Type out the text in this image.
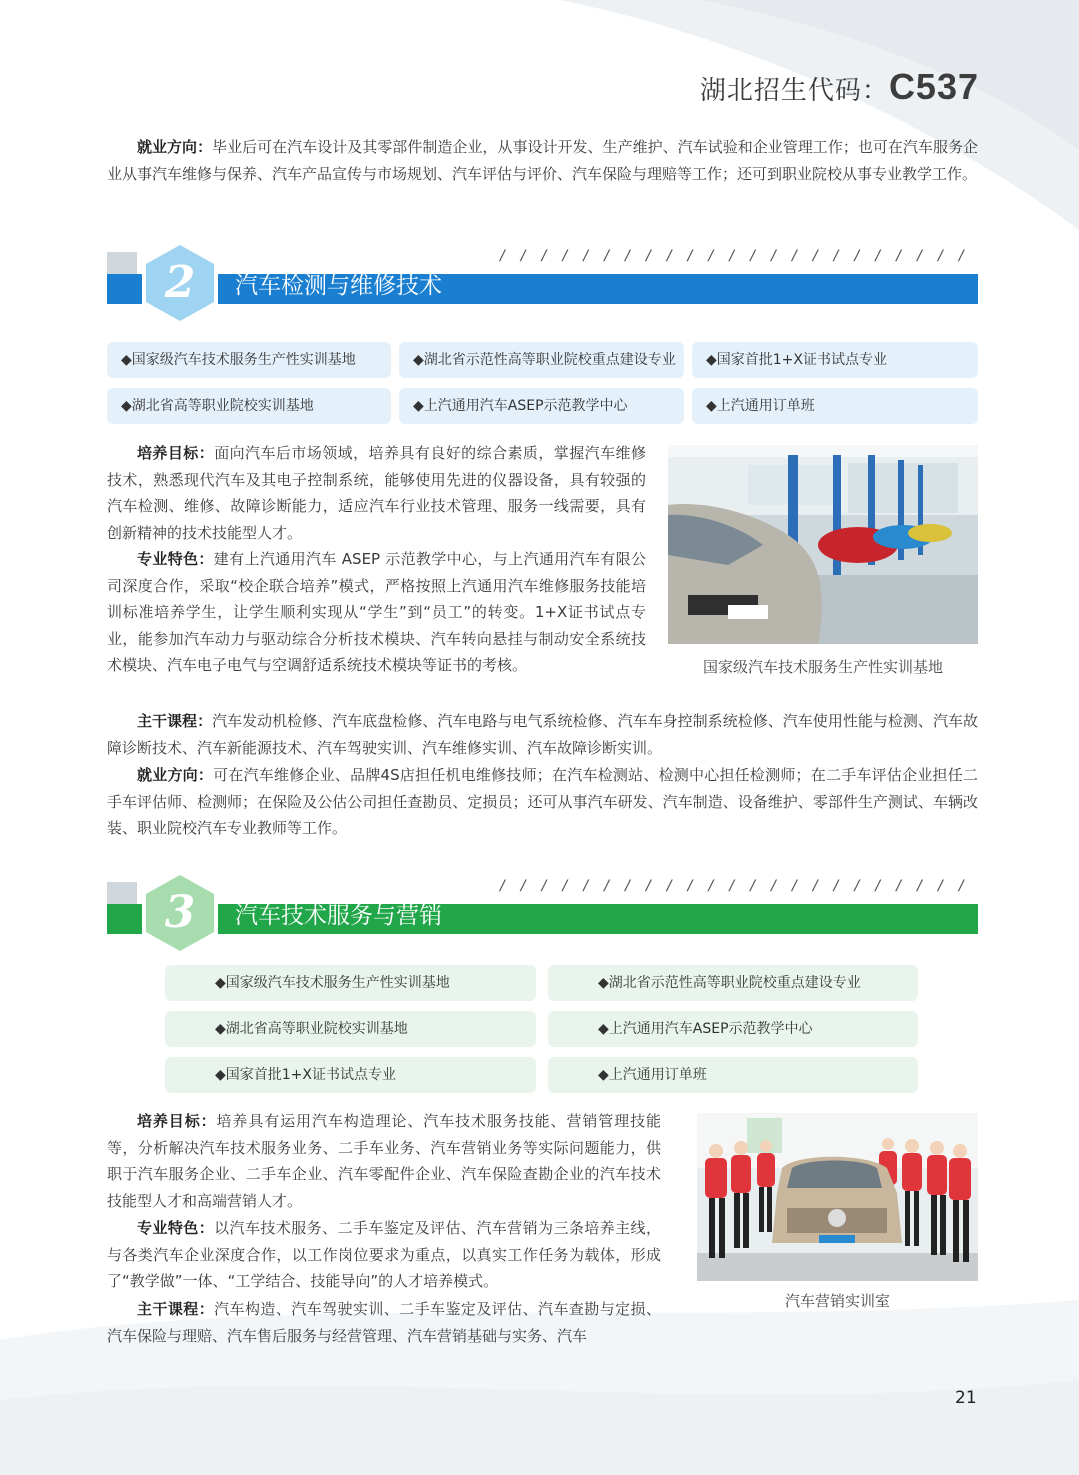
湖北招生代码：C537

就业方向：毕业后可在汽车设计及其零部件制造企业，从事设计开发、生产维护、汽车试验和企业管理工作；也可在汽车服务企业从事汽车维修与保养、汽车产品宣传与市场规划、汽车评估与评价、汽车保险与理赔等工作；还可到职业院校从事专业教学工作。

/ / / / / / / / / / / / / / / / / / / / / / /
汽车检测与维修技术
2
◆国家级汽车技术服务生产性实训基地	◆湖北省示范性高等职业院校重点建设专业	◆国家首批1+X证书试点专业
◆湖北省高等职业院校实训基地	◆上汽通用汽车ASEP示范教学中心	◆上汽通用订单班

培养目标：面向汽车后市场领域，培养具有良好的综合素质，掌握汽车维修技术，熟悉现代汽车及其电子控制系统，能够使用先进的仪器设备，具有较强的汽车检测、维修、故障诊断能力，适应汽车行业技术管理、服务一线需要，具有创新精神的技术技能型人才。

专业特色：建有上汽通用汽车 ASEP 示范教学中心，与上汽通用汽车有限公司深度合作，采取“校企联合培养”模式，严格按照上汽通用汽车维修服务技能培训标准培养学生，让学生顺利实现从“学生”到“员工”的转变。1+X证书试点专业，能参加汽车动力与驱动综合分析技术模块、汽车转向悬挂与制动安全系统技术模块、汽车电子电气与空调舒适系统技术模块等证书的考核。	国家级汽车技术服务生产性实训基地

主干课程：汽车发动机检修、汽车底盘检修、汽车电路与电气系统检修、汽车车身控制系统检修、汽车使用性能与检测、汽车故障诊断技术、汽车新能源技术、汽车驾驶实训、汽车维修实训、汽车故障诊断实训。

就业方向：可在汽车维修企业、品牌4S店担任机电维修技师；在汽车检测站、检测中心担任检测师；在二手车评估企业担任二手车评估师、检测师；在保险及公估公司担任查勘员、定损员；还可从事汽车研发、汽车制造、设备维护、零部件生产测试、车辆改装、职业院校汽车专业教师等工作。

/ / / / / / / / / / / / / / / / / / / / / / /
汽车技术服务与营销
3
◆国家级汽车技术服务生产性实训基地	◆湖北省示范性高等职业院校重点建设专业
◆湖北省高等职业院校实训基地	◆上汽通用汽车ASEP示范教学中心
◆国家首批1+X证书试点专业	◆上汽通用订单班

培养目标：培养具有运用汽车构造理论、汽车技术服务技能、营销管理技能等，分析解决汽车技术服务业务、二手车业务、汽车营销业务等实际问题能力，供职于汽车服务企业、二手车企业、汽车零配件企业、汽车保险查勘企业的汽车技术技能型人才和高端营销人才。

专业特色：以汽车技术服务、二手车鉴定及评估、汽车营销为三条培养主线，与各类汽车企业深度合作，以工作岗位要求为重点，以真实工作任务为载体，形成了“教学做”一体、“工学结合、技能导向”的人才培养模式。

主干课程：汽车构造、汽车驾驶实训、二手车鉴定及评估、汽车查勘与定损、汽车保险与理赔、汽车售后服务与经营管理、汽车营销基础与实务、汽车

汽车营销实训室
21
